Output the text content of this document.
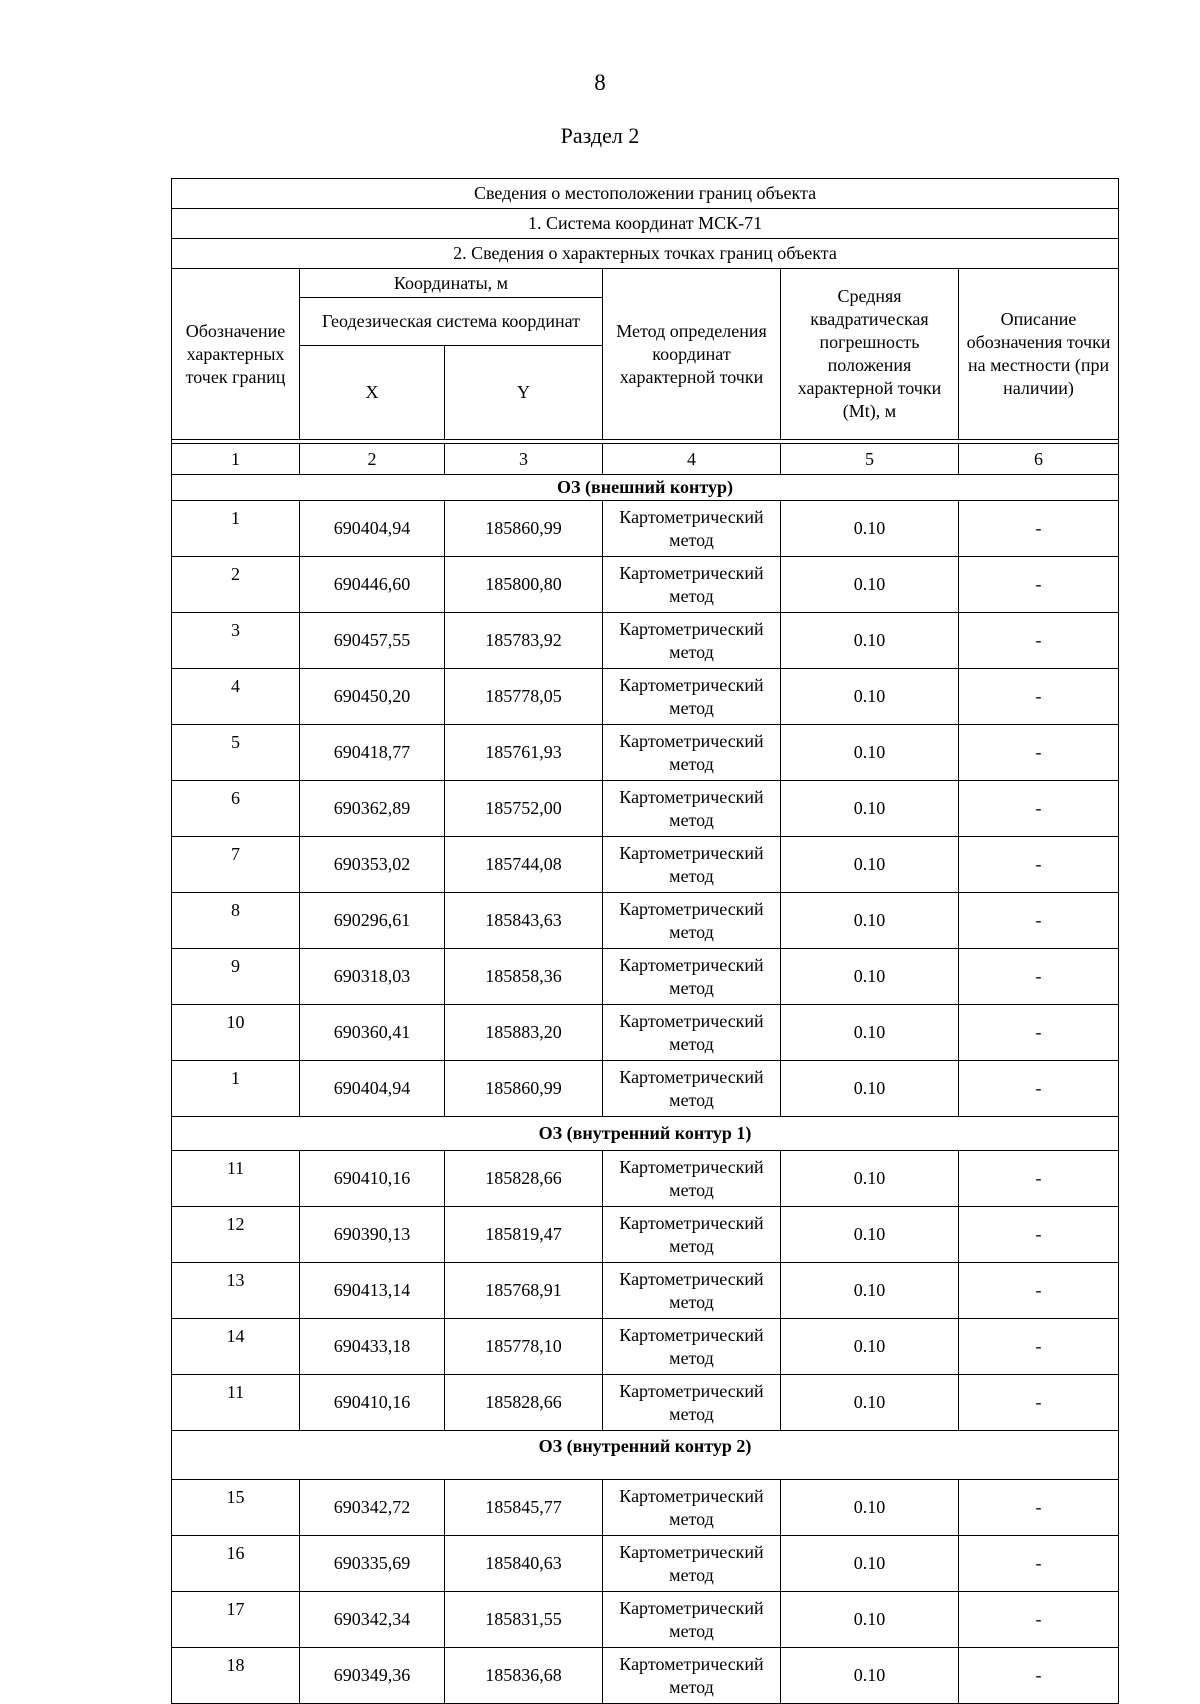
8
Раздел 2
Сведения о местоположении границ объекта					
1. Система координат МСК-71					
2. Сведения о характерных точках границ объекта					
Обозначение характерных точек границ	Координаты, м		Метод определения координат характерной точки	Средняя квадратическая погрешность положения характерной точки (Mt), м	Описание обозначения точки на местности (при наличии)
	Геодезическая система координат				
	X	Y			

1	2	3	4	5	6
ОЗ (внешний контур)					
1	690404,94	185860,99	Картометрический метод	0.10	-
2	690446,60	185800,80	Картометрический метод	0.10	-
3	690457,55	185783,92	Картометрический метод	0.10	-
4	690450,20	185778,05	Картометрический метод	0.10	-
5	690418,77	185761,93	Картометрический метод	0.10	-
6	690362,89	185752,00	Картометрический метод	0.10	-
7	690353,02	185744,08	Картометрический метод	0.10	-
8	690296,61	185843,63	Картометрический метод	0.10	-
9	690318,03	185858,36	Картометрический метод	0.10	-
10	690360,41	185883,20	Картометрический метод	0.10	-
1	690404,94	185860,99	Картометрический метод	0.10	-
ОЗ (внутренний контур 1)					
11	690410,16	185828,66	Картометрический метод	0.10	-
12	690390,13	185819,47	Картометрический метод	0.10	-
13	690413,14	185768,91	Картометрический метод	0.10	-
14	690433,18	185778,10	Картометрический метод	0.10	-
11	690410,16	185828,66	Картометрический метод	0.10	-
ОЗ (внутренний контур 2)					
15	690342,72	185845,77	Картометрический метод	0.10	-
16	690335,69	185840,63	Картометрический метод	0.10	-
17	690342,34	185831,55	Картометрический метод	0.10	-
18	690349,36	185836,68	Картометрический метод	0.10	-
